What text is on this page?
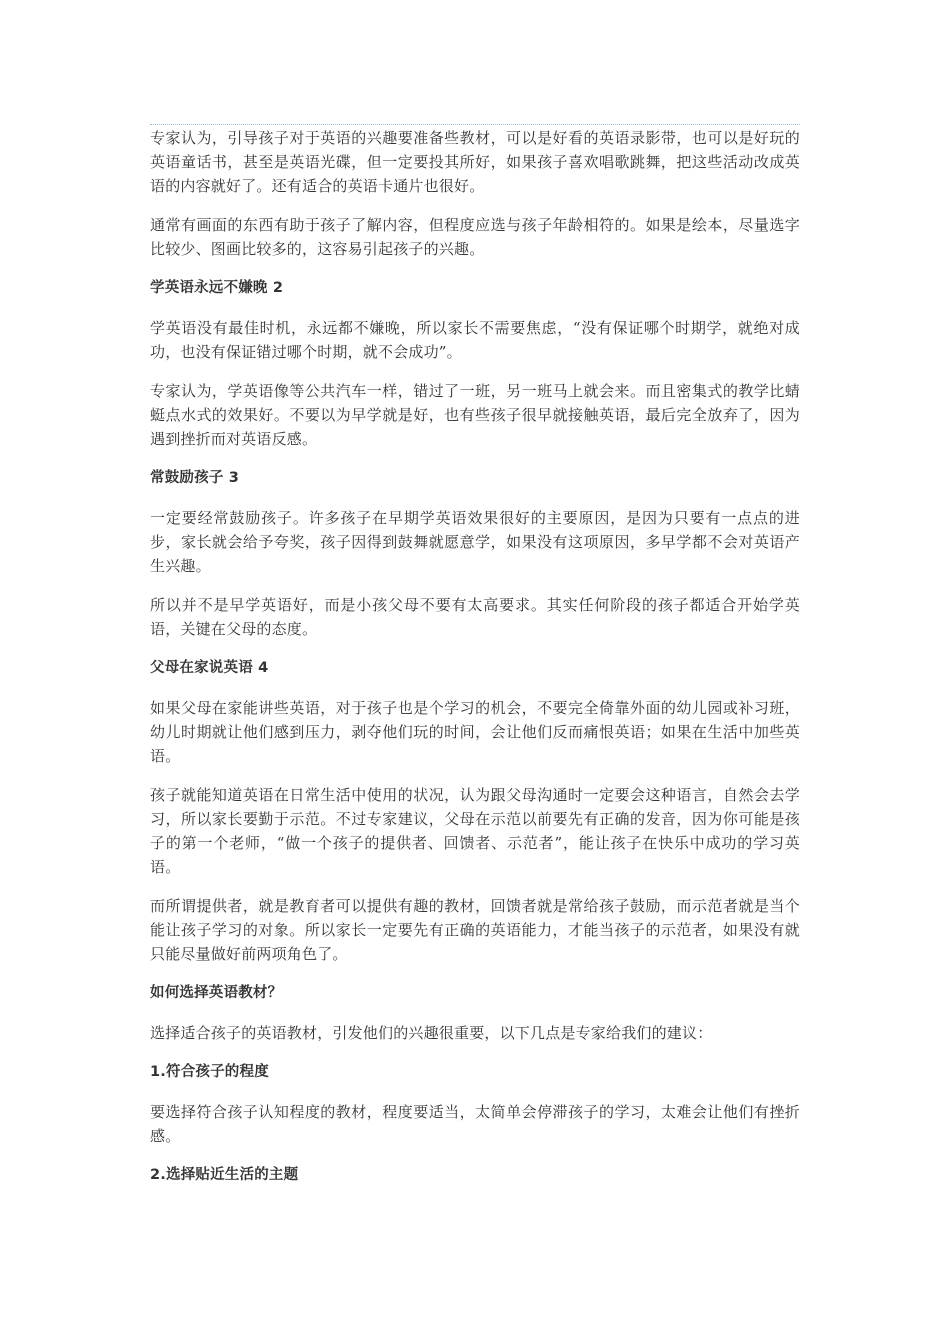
专家认为，引导孩子对于英语的兴趣要准备些教材，可以是好看的英语录影带，也可以是好玩的英语童话书，甚至是英语光碟，但一定要投其所好，如果孩子喜欢唱歌跳舞，把这些活动改成英语的内容就好了。还有适合的英语卡通片也很好。

通常有画面的东西有助于孩子了解内容，但程度应选与孩子年龄相符的。如果是绘本，尽量选字比较少、图画比较多的，这容易引起孩子的兴趣。

学英语永远不嫌晚 2

学英语没有最佳时机，永远都不嫌晚，所以家长不需要焦虑，“没有保证哪个时期学，就绝对成功，也没有保证错过哪个时期，就不会成功”。

专家认为，学英语像等公共汽车一样，错过了一班，另一班马上就会来。而且密集式的教学比蜻蜓点水式的效果好。不要以为早学就是好，也有些孩子很早就接触英语，最后完全放弃了，因为遇到挫折而对英语反感。

常鼓励孩子 3

一定要经常鼓励孩子。许多孩子在早期学英语效果很好的主要原因，是因为只要有一点点的进步，家长就会给予夸奖，孩子因得到鼓舞就愿意学，如果没有这项原因，多早学都不会对英语产生兴趣。

所以并不是早学英语好，而是小孩父母不要有太高要求。其实任何阶段的孩子都适合开始学英语，关键在父母的态度。

父母在家说英语 4

如果父母在家能讲些英语，对于孩子也是个学习的机会，不要完全倚靠外面的幼儿园或补习班，幼儿时期就让他们感到压力，剥夺他们玩的时间，会让他们反而痛恨英语；如果在生活中加些英语。

孩子就能知道英语在日常生活中使用的状况，认为跟父母沟通时一定要会这种语言，自然会去学习，所以家长要勤于示范。不过专家建议，父母在示范以前要先有正确的发音，因为你可能是孩子的第一个老师，“做一个孩子的提供者、回馈者、示范者”，能让孩子在快乐中成功的学习英语。

而所谓提供者，就是教育者可以提供有趣的教材，回馈者就是常给孩子鼓励，而示范者就是当个能让孩子学习的对象。所以家长一定要先有正确的英语能力，才能当孩子的示范者，如果没有就只能尽量做好前两项角色了。

如何选择英语教材？

选择适合孩子的英语教材，引发他们的兴趣很重要，以下几点是专家给我们的建议：

1.符合孩子的程度

要选择符合孩子认知程度的教材，程度要适当，太简单会停滞孩子的学习，太难会让他们有挫折感。

2.选择贴近生活的主题
